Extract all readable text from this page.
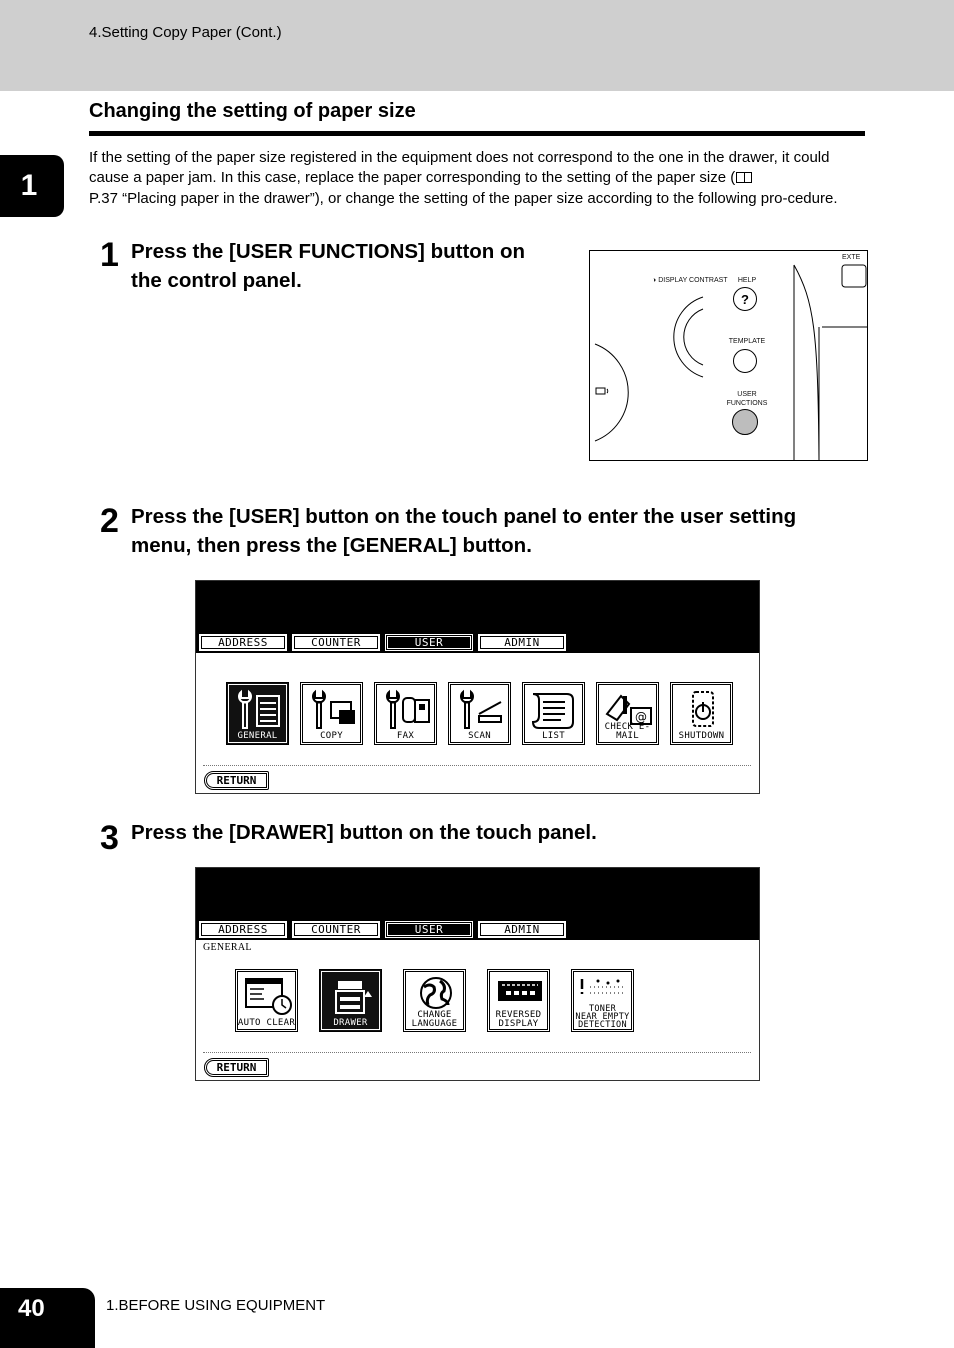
4.Setting Copy Paper (Cont.)
Changing the setting of paper size
1
If the setting of the paper size registered in the equipment does not correspond to the one in the drawer, it could cause a paper jam. In this case, replace the paper corresponding to the setting of the paper size (
P.37 “Placing paper in the drawer”), or change the setting of the paper size according to the following pro-cedure.
1 Press the [USER FUNCTIONS] button on
the control panel.
EXTE
◑ DISPLAY CONTRAST	HELP
?
TEMPLATE
USER
FUNCTIONS
2 Press the [USER] button on the touch panel to enter the user setting
menu, then press the [GENERAL] button.
ADDRESS	COUNTER	USER	ADMIN
GENERAL	COPY	FAX	SCAN	LIST
@
CHECK E-MAIL	SHUTDOWN
RETURN
3 Press the [DRAWER] button on the touch panel.
ADDRESS	COUNTER	USER	ADMIN
GENERAL
AUTO CLEAR	DRAWER
CHANGE
LANGUAGE
REVERSED
DISPLAY
TONER
NEAR EMPTY
DETECTION
RETURN
40	1.BEFORE USING EQUIPMENT
